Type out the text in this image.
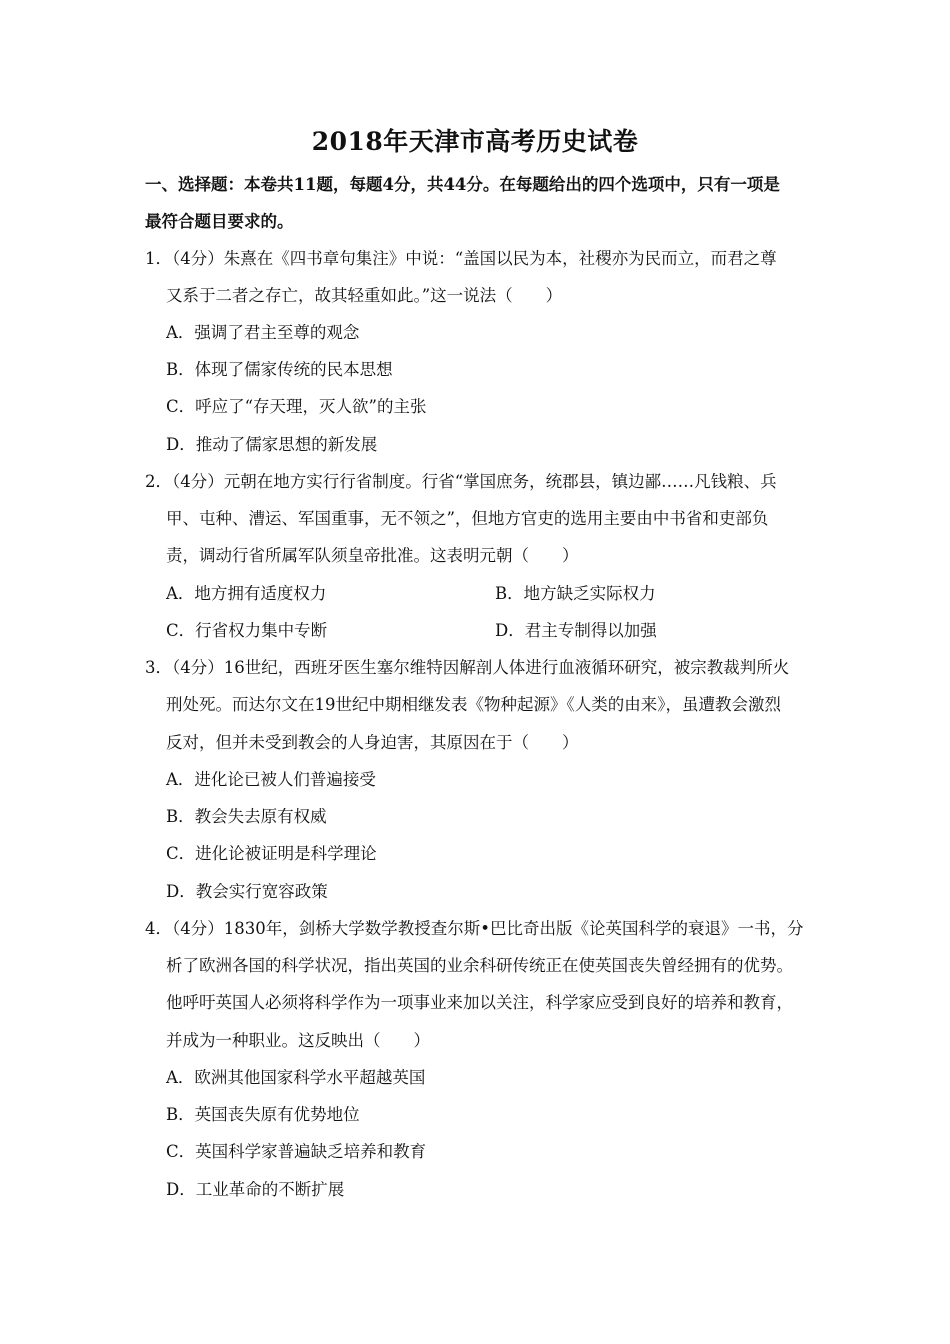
2018年天津市高考历史试卷
一、选择题：本卷共11题，每题4分，共44分。在每题给出的四个选项中，只有一项是
最符合题目要求的。
1．（4分）朱熹在《四书章句集注》中说：“盖国以民为本，社稷亦为民而立，而君之尊
又系于二者之存亡，故其轻重如此。”这一说法（　　）
A．强调了君主至尊的观念
B．体现了儒家传统的民本思想
C．呼应了“存天理，灭人欲”的主张
D．推动了儒家思想的新发展
2．（4分）元朝在地方实行行省制度。行省“掌国庶务，统郡县，镇边鄙……凡钱粮、兵
甲、屯种、漕运、军国重事，无不领之”，但地方官吏的选用主要由中书省和吏部负
责，调动行省所属军队须皇帝批准。这表明元朝（　　）
A．地方拥有适度权力	B．地方缺乏实际权力
C．行省权力集中专断	D．君主专制得以加强
3．（4分）16世纪，西班牙医生塞尔维特因解剖人体进行血液循环研究，被宗教裁判所火
刑处死。而达尔文在19世纪中期相继发表《物种起源》《人类的由来》，虽遭教会激烈
反对，但并未受到教会的人身迫害，其原因在于（　　）
A．进化论已被人们普遍接受
B．教会失去原有权威
C．进化论被证明是科学理论
D．教会实行宽容政策
4．（4分）1830年，剑桥大学数学教授查尔斯•巴比奇出版《论英国科学的衰退》一书，分
析了欧洲各国的科学状况，指出英国的业余科研传统正在使英国丧失曾经拥有的优势。
他呼吁英国人必须将科学作为一项事业来加以关注，科学家应受到良好的培养和教育，
并成为一种职业。这反映出（　　）
A．欧洲其他国家科学水平超越英国
B．英国丧失原有优势地位
C．英国科学家普遍缺乏培养和教育
D．工业革命的不断扩展
